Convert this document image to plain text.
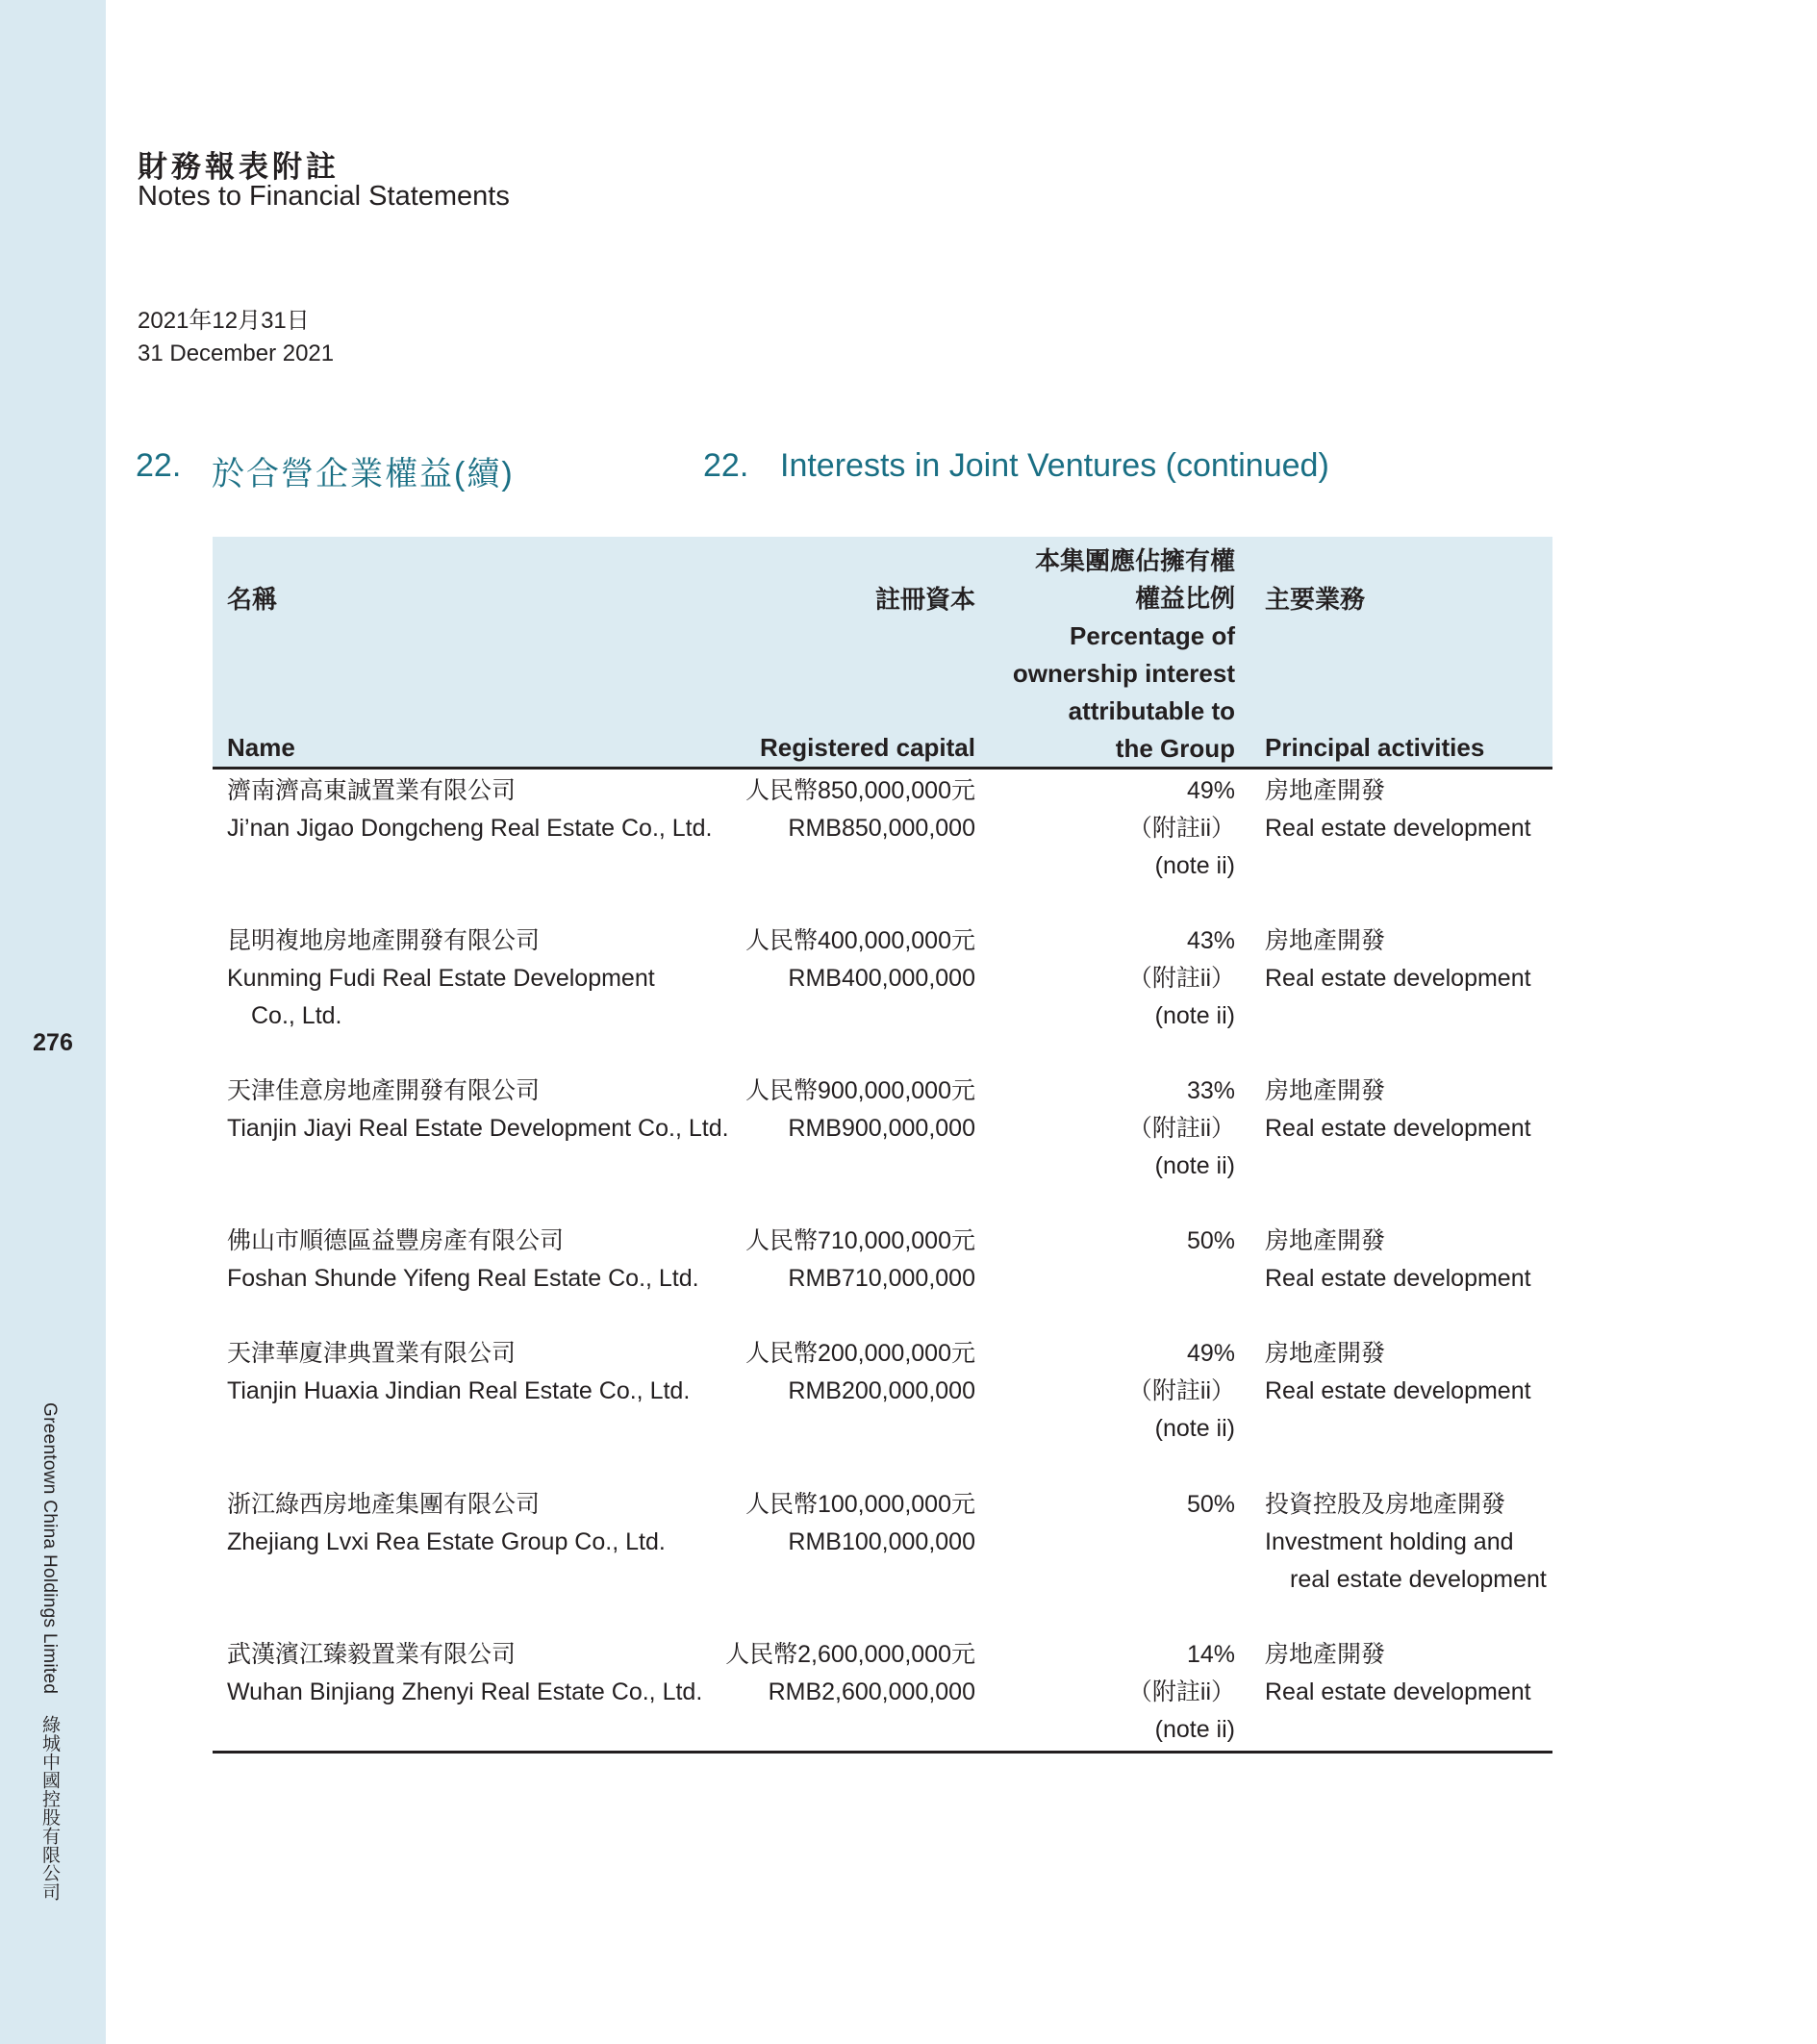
276
Greentown China Holdings Limited綠城中國控股有限公司
財務報表附註
Notes to Financial Statements
2021年12月31日
31 December 2021
22. 於合營企業權益(續)	22. Interests in Joint Ventures (continued)
名稱
Name
註冊資本
Registered capital
本集團應佔擁有權
權益比例
Percentage of
ownership interest
attributable to
the Group
主要業務
Principal activities
濟南濟高東誠置業有限公司
Ji’nan Jigao Dongcheng Real Estate Co., Ltd.
人民幣850,000,000元
RMB850,000,000
49%
（附註ii）
(note ii)
房地產開發
Real estate development
昆明複地房地產開發有限公司
Kunming Fudi Real Estate Development
Co., Ltd.
人民幣400,000,000元
RMB400,000,000
43%
（附註ii）
(note ii)
房地產開發
Real estate development
天津佳意房地產開發有限公司
Tianjin Jiayi Real Estate Development Co., Ltd.
人民幣900,000,000元
RMB900,000,000
33%
（附註ii）
(note ii)
房地產開發
Real estate development
佛山市順德區益豐房產有限公司
Foshan Shunde Yifeng Real Estate Co., Ltd.
人民幣710,000,000元
RMB710,000,000
50% 房地產開發
Real estate development
天津華廈津典置業有限公司
Tianjin Huaxia Jindian Real Estate Co., Ltd.
人民幣200,000,000元
RMB200,000,000
49%
（附註ii）
(note ii)
房地產開發
Real estate development
浙江綠西房地產集團有限公司
Zhejiang Lvxi Rea Estate Group Co., Ltd.
人民幣100,000,000元
RMB100,000,000
50% 投資控股及房地產開發
Investment holding and
real estate development
武漢濱江臻毅置業有限公司
Wuhan Binjiang Zhenyi Real Estate Co., Ltd.
人民幣2,600,000,000元
RMB2,600,000,000
14%
（附註ii）
(note ii)
房地產開發
Real estate development
